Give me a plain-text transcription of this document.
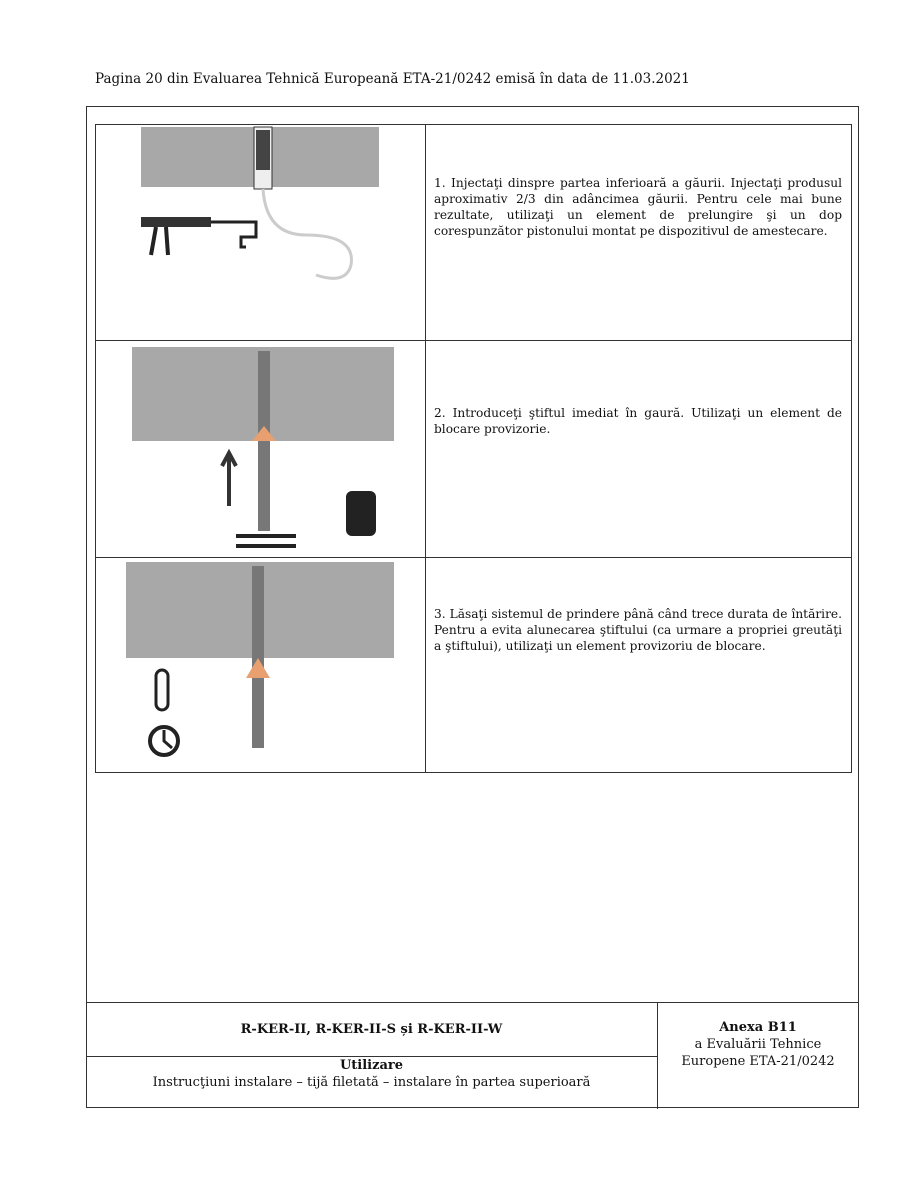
Pagina 20 din Evaluarea Tehnică Europeană ETA-21/0242 emisă în data de 11.03.2021
1. Injectaţi dinspre partea inferioară a găurii. Injectaţi produsul aproximativ 2/3 din adâncimea găurii. Pentru cele mai bune rezultate, utilizaţi un element de prelungire şi un dop corespunzător pistonului montat pe dispozitivul de amestecare.
2. Introduceţi ştiftul imediat în gaură. Utilizaţi un element de blocare provizorie.
3. Lăsaţi sistemul de prindere până când trece durata de întărire. Pentru a evita alunecarea ştiftului (ca urmare a propriei greutăţi a ştiftului), utilizaţi un element provizoriu de blocare.
R-KER-II, R-KER-II-S și R-KER-II-W
Utilizare
Instrucţiuni instalare – tijă filetată – instalare în partea superioară
Anexa B11
a Evaluării Tehnice
Europene ETA-21/0242
